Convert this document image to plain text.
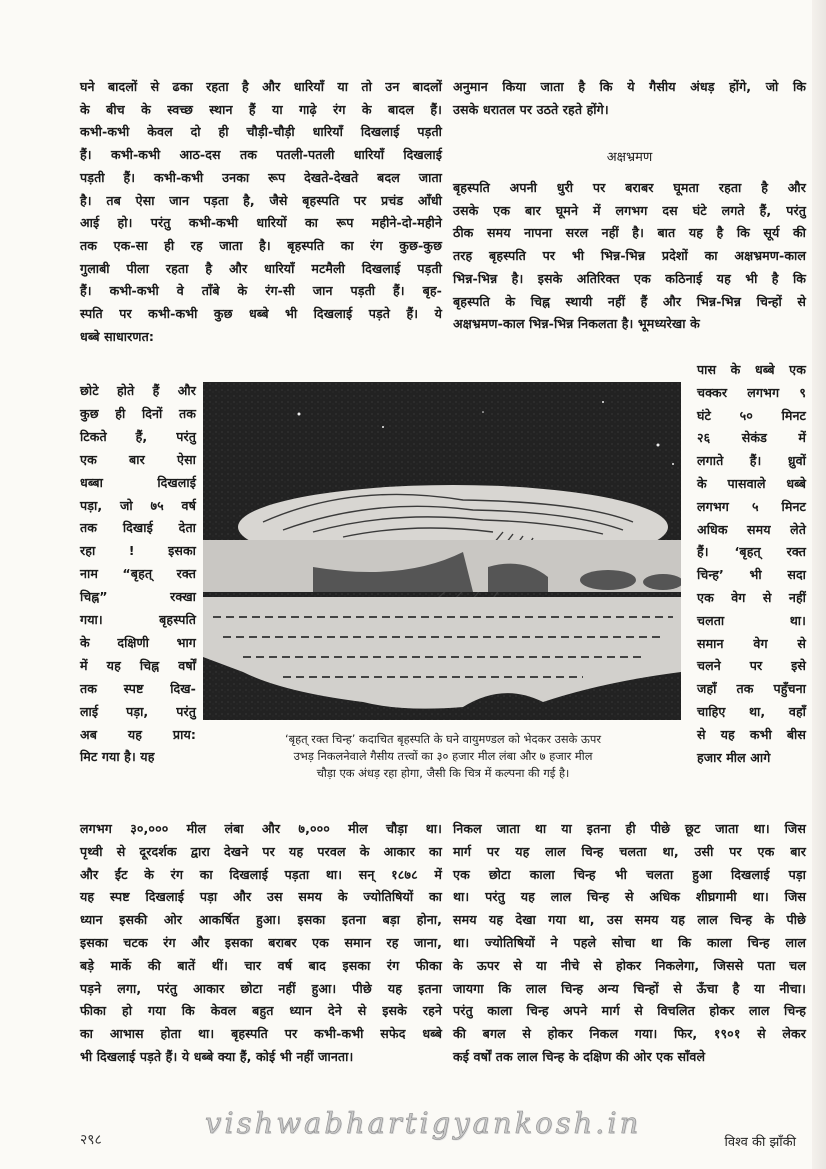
घने बादलों से ढका रहता है और धारियाँ या तो उन बादलों
के बीच के स्वच्छ स्थान हैं या गाढ़े रंग के बादल हैं।
कभी-कभी केवल दो ही चौड़ी-चौड़ी धारियाँ दिखलाई पड़ती
हैं। कभी-कभी आठ-दस तक पतली-पतली धारियाँ दिखलाई
पड़ती हैं। कभी-कभी उनका रूप देखते-देखते बदल जाता
है। तब ऐसा जान पड़ता है, जैसे बृहस्पति पर प्रचंड आँधी
आई हो। परंतु कभी-कभी धारियों का रूप महीने-दो-महीने
तक एक-सा ही रह जाता है। बृहस्पति का रंग कुछ-कुछ
गुलाबी पीला रहता है और धारियाँ मटमैली दिखलाई पड़ती
हैं। कभी-कभी वे ताँबे के रंग-सी जान पड़ती हैं। बृह-
स्पति पर कभी-कभी कुछ धब्बे भी दिखलाई पड़ते हैं। ये
धब्बे साधारणत:
छोटे होते हैं और
कुछ ही दिनों तक
टिकते हैं, परंतु
एक बार ऐसा
धब्बा दिखलाई
पड़ा, जो ७५ वर्ष
तक दिखाई देता
रहा ! इसका
नाम “बृहत् रक्त
चिह्न” रक्खा
गया। बृहस्पति
के दक्षिणी भाग
में यह चिह्न वर्षों
तक स्पष्ट दिख-
लाई पड़ा, परंतु
अब यह प्राय:
मिट गया है। यह
लगभग ३०,००० मील लंबा और ७,००० मील चौड़ा था।
पृथ्वी से दूरदर्शक द्वारा देखने पर यह परवल के आकार का
और ईंट के रंग का दिखलाई पड़ता था। सन् १८७८ में
यह स्पष्ट दिखलाई पड़ा और उस समय के ज्योतिषियों का
ध्यान इसकी ओर आकर्षित हुआ। इसका इतना बड़ा होना,
इसका चटक रंग और इसका बराबर एक समान रह जाना,
बड़े मार्के की बातें थीं। चार वर्ष बाद इसका रंग फीका
पड़ने लगा, परंतु आकार छोटा नहीं हुआ। पीछे यह इतना
फीका हो गया कि केवल बहुत ध्यान देने से इसके रहने
का आभास होता था। बृहस्पति पर कभी-कभी सफेद धब्बे
भी दिखलाई पड़ते हैं। ये धब्बे क्या हैं, कोई भी नहीं जानता।
अनुमान किया जाता है कि ये गैसीय अंधड़ होंगे, जो कि
उसके धरातल पर उठते रहते होंगे।
अक्षभ्रमण
बृहस्पति अपनी धुरी पर बराबर घूमता रहता है और
उसके एक बार घूमने में लगभग दस घंटे लगते हैं, परंतु
ठीक समय नापना सरल नहीं है। बात यह है कि सूर्य की
तरह बृहस्पति पर भी भिन्न-भिन्न प्रदेशों का अक्षभ्रमण-काल
भिन्न-भिन्न है। इसके अतिरिक्त एक कठिनाई यह भी है कि
बृहस्पति के चिह्न स्थायी नहीं हैं और भिन्न-भिन्न चिन्हों से
अक्षभ्रमण-काल भिन्न-भिन्न निकलता है। भूमध्यरेखा के
पास के धब्बे एक
चक्कर लगभग ९
घंटे ५० मिनट
२६ सेकंड में
लगाते हैं। ध्रुवों
के पासवाले धब्बे
लगभग ५ मिनट
अधिक समय लेते
हैं। ‘बृहत् रक्त
चिन्ह’ भी सदा
एक वेग से नहीं
चलता था।
समान वेग से
चलने पर इसे
जहाँ तक पहुँचना
चाहिए था, वहाँ
से यह कभी बीस
हजार मील आगे
निकल जाता था या इतना ही पीछे छूट जाता था। जिस
मार्ग पर यह लाल चिन्ह चलता था, उसी पर एक बार
एक छोटा काला चिन्ह भी चलता हुआ दिखलाई पड़ा
था। परंतु यह लाल चिन्ह से अधिक शीघ्रगामी था। जिस
समय यह देखा गया था, उस समय यह लाल चिन्ह के पीछे
था। ज्योतिषियों ने पहले सोचा था कि काला चिन्ह लाल
के ऊपर से या नीचे से होकर निकलेगा, जिससे पता चल
जायगा कि लाल चिन्ह अन्य चिन्हों से ऊँचा है या नीचा।
परंतु काला चिन्ह अपने मार्ग से विचलित होकर लाल चिन्ह
की बगल से होकर निकल गया। फिर, १९०१ से लेकर
कई वर्षों तक लाल चिन्ह के दक्षिण की ओर एक साँवले
‘बृहत् रक्त चिन्ह’ कदाचित बृहस्पति के घने वायुमण्डल को भेदकर उसके ऊपर
उभड़ निकलनेवाले गैसीय तत्त्वों का ३० हजार मील लंबा और ७ हजार मील
चौड़ा एक अंधड़ रहा होगा, जैसी कि चित्र में कल्पना की गई है।
२९८	vishwabhartigyankosh.in
विश्व की झाँकी
